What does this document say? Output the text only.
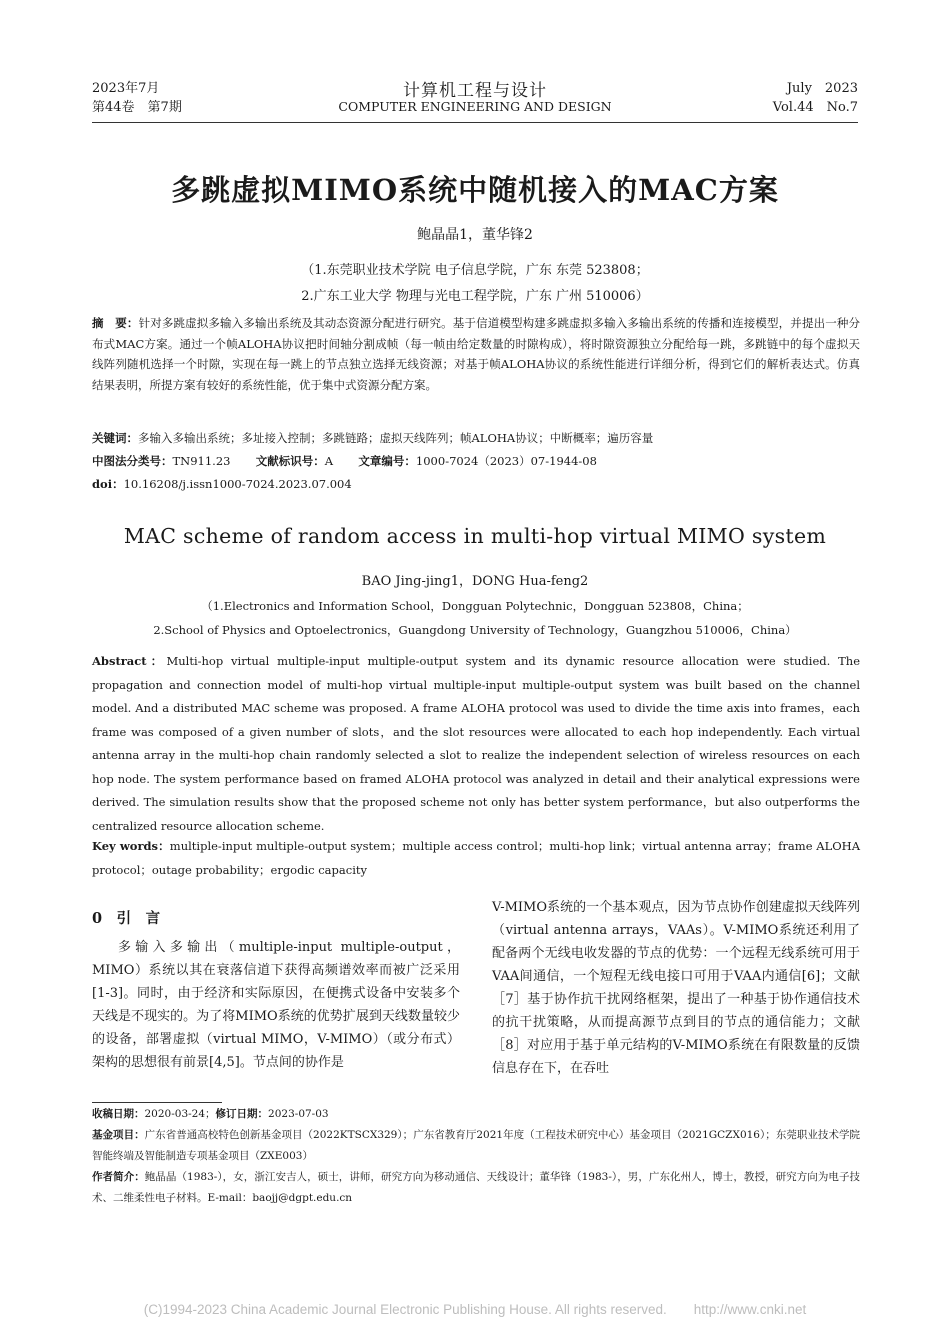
2023年7月
第44卷　第7期
计算机工程与设计
COMPUTER ENGINEERING AND DESIGN
July　2023
Vol.44　No.7
多跳虚拟MIMO系统中随机接入的MAC方案
鲍晶晶1，董华锋2
（1.东莞职业技术学院 电子信息学院，广东 东莞 523808；
2.广东工业大学 物理与光电工程学院，广东 广州 510006）
摘　要：针对多跳虚拟多输入多输出系统及其动态资源分配进行研究。基于信道模型构建多跳虚拟多输入多输出系统的传播和连接模型，并提出一种分布式MAC方案。通过一个帧ALOHA协议把时间轴分割成帧（每一帧由给定数量的时隙构成），将时隙资源独立分配给每一跳，多跳链中的每个虚拟天线阵列随机选择一个时隙，实现在每一跳上的节点独立选择无线资源；对基于帧ALOHA协议的系统性能进行详细分析，得到它们的解析表达式。仿真结果表明，所提方案有较好的系统性能，优于集中式资源分配方案。
关键词：多输入多输出系统；多址接入控制；多跳链路；虚拟天线阵列；帧ALOHA协议；中断概率；遍历容量
中图法分类号：TN911.23 文献标识号：A 文章编号：1000-7024（2023）07-1944-08
doi：10.16208/j.issn1000-7024.2023.07.004
MAC scheme of random access in multi-hop virtual MIMO system
BAO Jing-jing1，DONG Hua-feng2
（1.Electronics and Information School，Dongguan Polytechnic，Dongguan 523808，China；
2.School of Physics and Optoelectronics，Guangdong University of Technology，Guangzhou 510006，China）
Abstract：Multi-hop virtual multiple-input multiple-output system and its dynamic resource allocation were studied. The propagation and connection model of multi-hop virtual multiple-input multiple-output system was built based on the channel model. And a distributed MAC scheme was proposed. A frame ALOHA protocol was used to divide the time axis into frames，each frame was composed of a given number of slots，and the slot resources were allocated to each hop independently. Each virtual antenna array in the multi-hop chain randomly selected a slot to realize the independent selection of wireless resources on each hop node. The system performance based on framed ALOHA protocol was analyzed in detail and their analytical expressions were derived. The simulation results show that the proposed scheme not only has better system performance，but also outperforms the centralized resource allocation scheme.
Key words：multiple-input multiple-output system；multiple access control；multi-hop link；virtual antenna array；frame ALOHA protocol；outage probability；ergodic capacity
0　引　言
多输入多输出（multiple-input multiple-output，MIMO）系统以其在衰落信道下获得高频谱效率而被广泛采用[1-3]。同时，由于经济和实际原因，在便携式设备中安装多个天线是不现实的。为了将MIMO系统的优势扩展到天线数量较少的设备，部署虚拟（virtual MIMO，V-MIMO）（或分布式）架构的思想很有前景[4,5]。节点间的协作是
V-MIMO系统的一个基本观点，因为节点协作创建虚拟天线阵列（virtual antenna arrays，VAAs）。V-MIMO系统还利用了配备两个无线电收发器的节点的优势：一个远程无线系统可用于VAA间通信，一个短程无线电接口可用于VAA内通信[6]；文献［7］基于协作抗干扰网络框架，提出了一种基于协作通信技术的抗干扰策略，从而提高源节点到目的节点的通信能力；文献［8］对应用于基于单元结构的V-MIMO系统在有限数量的反馈信息存在下，在吞吐
收稿日期：2020-03-24；修订日期：2023-07-03
基金项目：广东省普通高校特色创新基金项目（2022KTSCX329）；广东省教育厅2021年度（工程技术研究中心）基金项目（2021GCZX016）；东莞职业技术学院智能终端及智能制造专项基金项目（ZXE003）
作者简介：鲍晶晶（1983-），女，浙江安吉人，硕士，讲师，研究方向为移动通信、天线设计；董华锋（1983-），男，广东化州人，博士，教授，研究方向为电子技术、二维柔性电子材料。E-mail：baojj@dgpt.edu.cn
(C)1994-2023 China Academic Journal Electronic Publishing House. All rights reserved.　　http://www.cnki.net
